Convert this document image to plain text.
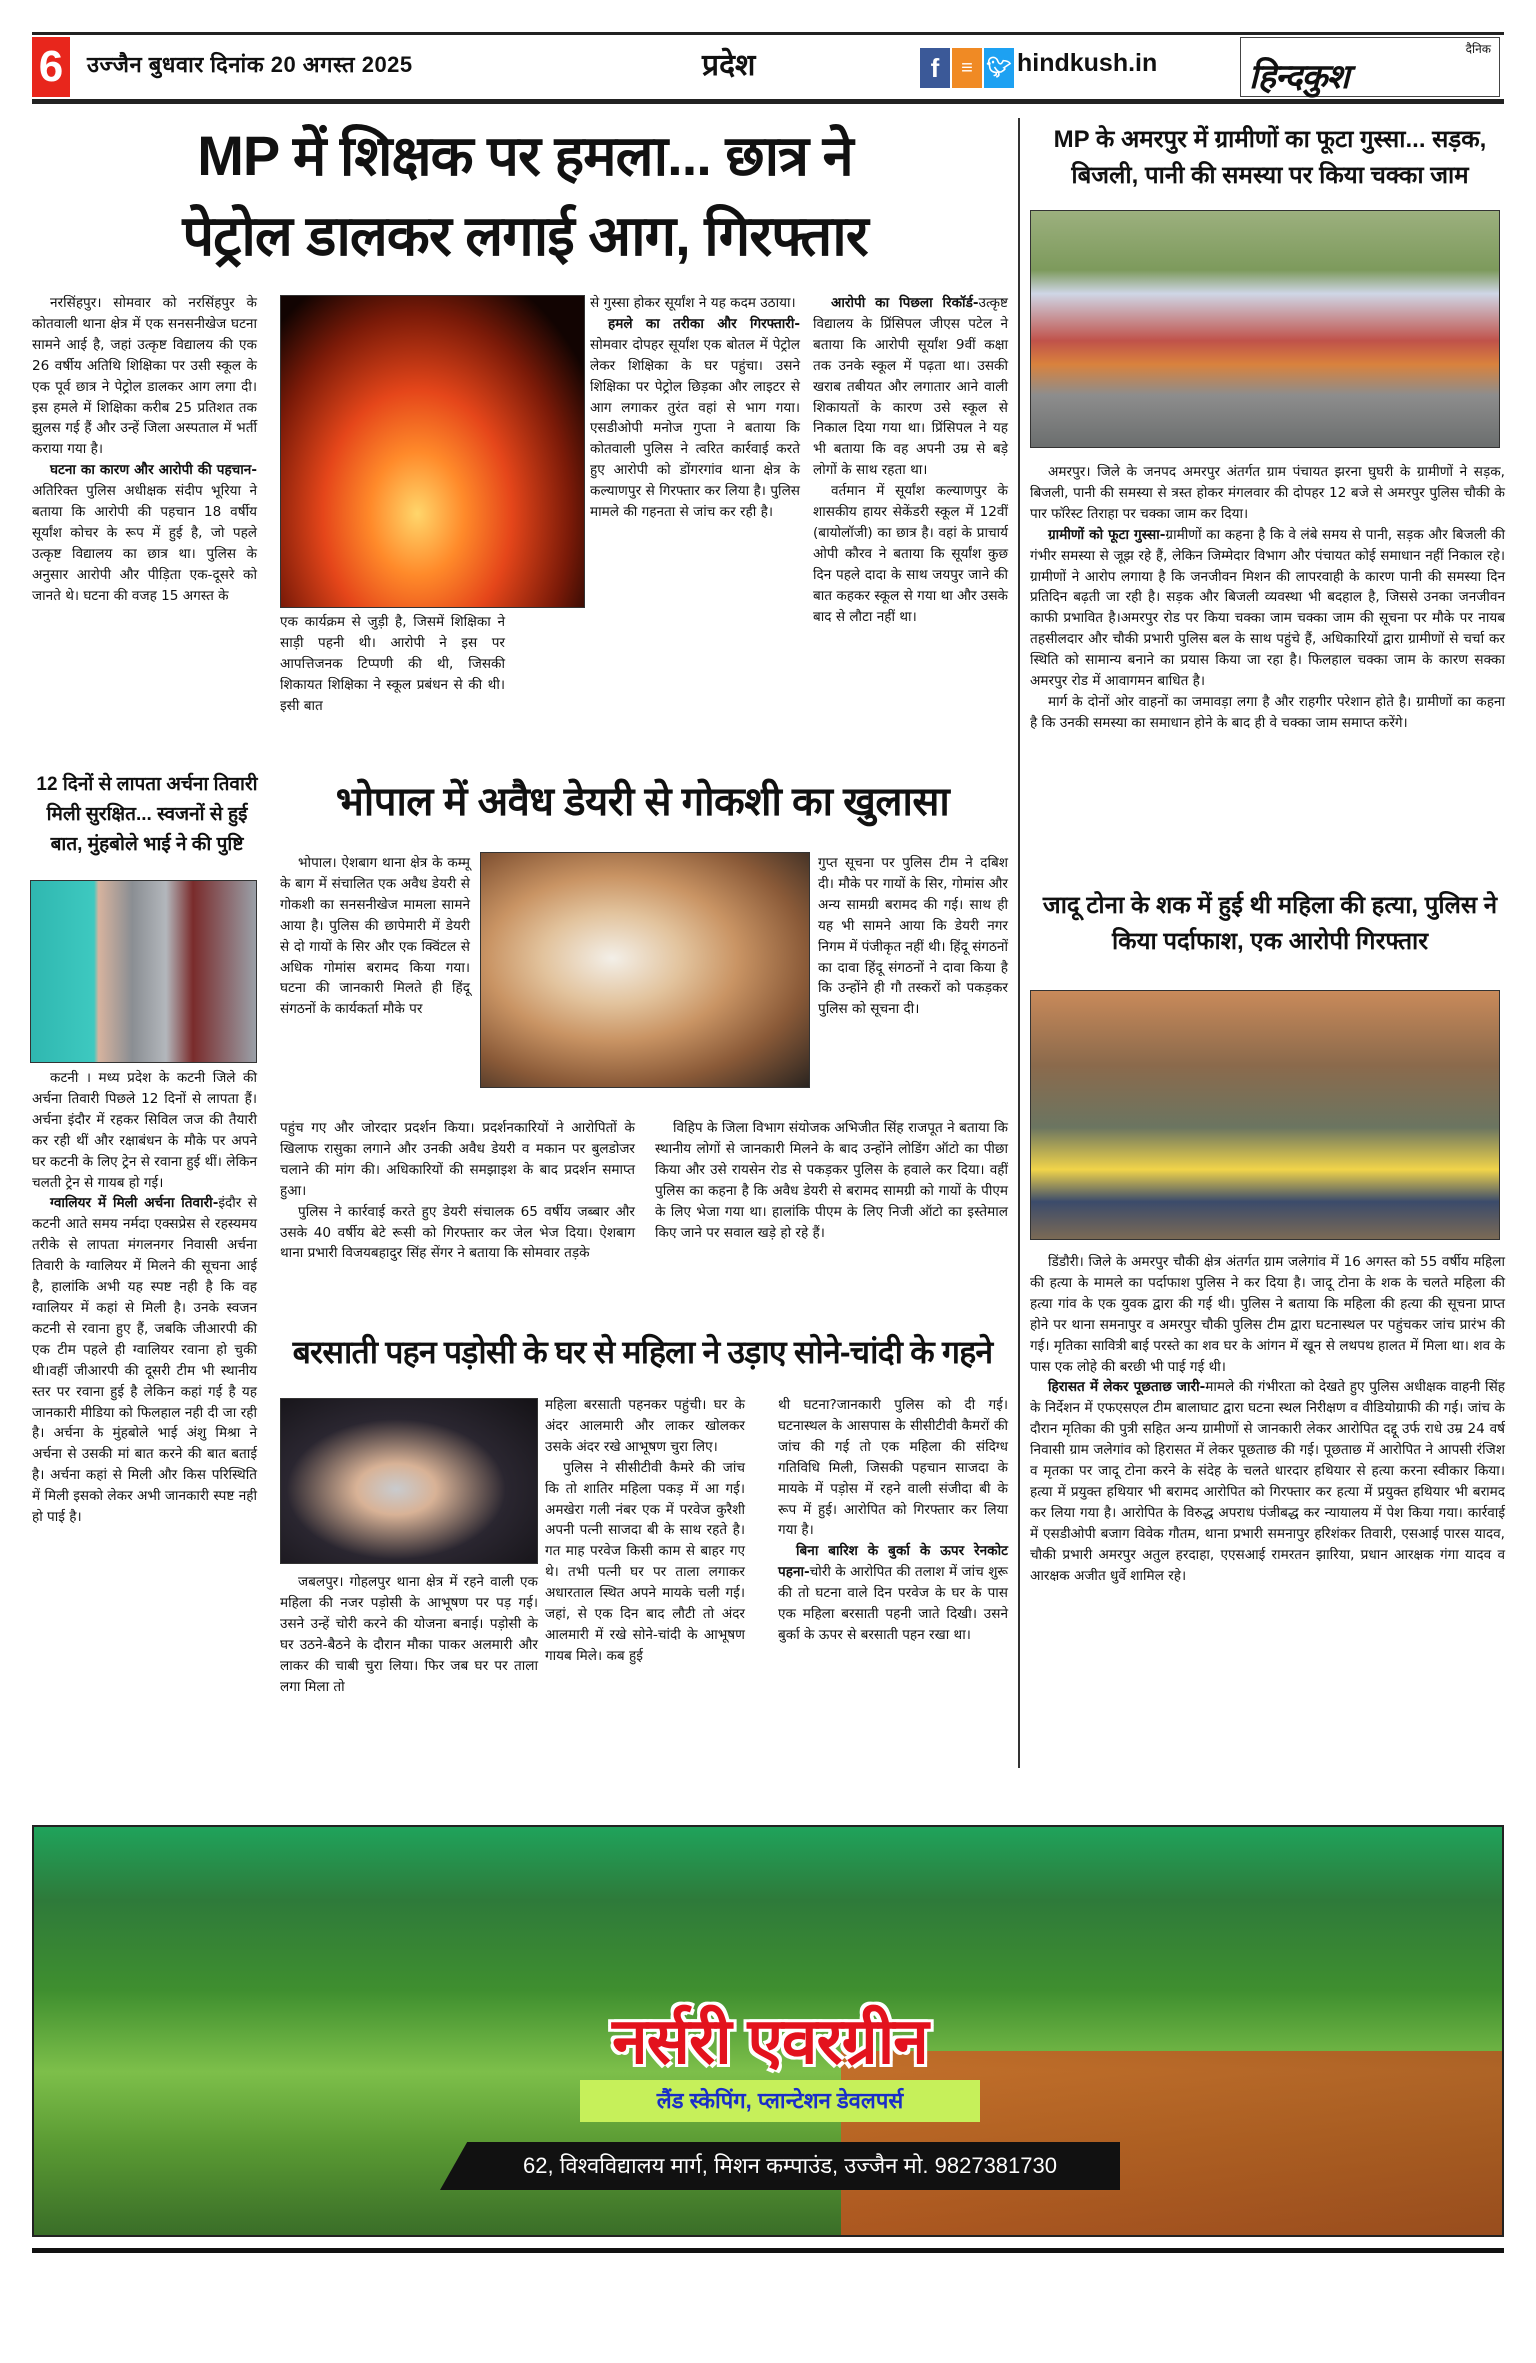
6	उज्जैन बुधवार दिनांक 20 अगस्त 2025	प्रदेश	f	≡ 🐦︎ hindkush.in	दैनिक
हिन्दकुश
MP में शिक्षक पर हमला... छात्र ने
पेट्रोल डालकर लगाई आग, गिरफ्तार

नरसिंहपुर। सोमवार को नरसिंहपुर के कोतवाली थाना क्षेत्र में एक सनसनीखेज घटना सामने आई है, जहां उत्कृष्ट विद्यालय की एक 26 वर्षीय अतिथि शिक्षिका पर उसी स्कूल के एक पूर्व छात्र ने पेट्रोल डालकर आग लगा दी। इस हमले में शिक्षिका करीब 25 प्रतिशत तक झुलस गई हैं और उन्हें जिला अस्पताल में भर्ती कराया गया है।

घटना का कारण और आरोपी की पहचान-अतिरिक्त पुलिस अधीक्षक संदीप भूरिया ने बताया कि आरोपी की पहचान 18 वर्षीय सूर्यांश कोचर के रूप में हुई है, जो पहले उत्कृष्ट विद्यालय का छात्र था। पुलिस के अनुसार आरोपी और पीड़िता एक-दूसरे को जानते थे। घटना की वजह 15 अगस्त के

एक कार्यक्रम से जुड़ी है, जिसमें शिक्षिका ने साड़ी पहनी थी। आरोपी ने इस पर आपत्तिजनक टिप्पणी की थी, जिसकी शिकायत शिक्षिका ने स्कूल प्रबंधन से की थी। इसी बात

से गुस्सा होकर सूर्यांश ने यह कदम उठाया।

हमले का तरीका और गिरफ्तारी-सोमवार दोपहर सूर्यांश एक बोतल में पेट्रोल लेकर शिक्षिका के घर पहुंचा। उसने शिक्षिका पर पेट्रोल छिड़का और लाइटर से आग लगाकर तुरंत वहां से भाग गया। एसडीओपी मनोज गुप्ता ने बताया कि कोतवाली पुलिस ने त्वरित कार्रवाई करते हुए आरोपी को डोंगरगांव थाना क्षेत्र के कल्याणपुर से गिरफ्तार कर लिया है। पुलिस मामले की गहनता से जांच कर रही है।

आरोपी का पिछला रिकॉर्ड-उत्कृष्ट विद्यालय के प्रिंसिपल जीएस पटेल ने बताया कि आरोपी सूर्यांश 9वीं कक्षा तक उनके स्कूल में पढ़ता था। उसकी खराब तबीयत और लगातार आने वाली शिकायतों के कारण उसे स्कूल से निकाल दिया गया था। प्रिंसिपल ने यह भी बताया कि वह अपनी उम्र से बड़े लोगों के साथ रहता था।

वर्तमान में सूर्यांश कल्याणपुर के शासकीय हायर सेकेंडरी स्कूल में 12वीं (बायोलॉजी) का छात्र है। वहां के प्राचार्य ओपी कौरव ने बताया कि सूर्यांश कुछ दिन पहले दादा के साथ जयपुर जाने की बात कहकर स्कूल से गया था और उसके बाद से लौटा नहीं था।

MP के अमरपुर में ग्रामीणों का फूटा गुस्सा... सड़क, बिजली, पानी की समस्या पर किया चक्का जाम

अमरपुर। जिले के जनपद अमरपुर अंतर्गत ग्राम पंचायत झरना घुघरी के ग्रामीणों ने सड़क, बिजली, पानी की समस्या से त्रस्त होकर मंगलवार की दोपहर 12 बजे से अमरपुर पुलिस चौकी के पार फॉरेस्ट तिराहा पर चक्का जाम कर दिया।

ग्रामीणों को फूटा गुस्सा-ग्रामीणों का कहना है कि वे लंबे समय से पानी, सड़क और बिजली की गंभीर समस्या से जूझ रहे हैं, लेकिन जिम्मेदार विभाग और पंचायत कोई समाधान नहीं निकाल रहे। ग्रामीणों ने आरोप लगाया है कि जनजीवन मिशन की लापरवाही के कारण पानी की समस्या दिन प्रतिदिन बढ़ती जा रही है। सड़क और बिजली व्यवस्था भी बदहाल है, जिससे उनका जनजीवन काफी प्रभावित है।अमरपुर रोड पर किया चक्का जाम चक्का जाम की सूचना पर मौके पर नायब तहसीलदार और चौकी प्रभारी पुलिस बल के साथ पहुंचे हैं, अधिकारियों द्वारा ग्रामीणों से चर्चा कर स्थिति को सामान्य बनाने का प्रयास किया जा रहा है। फिलहाल चक्का जाम के कारण सक्का अमरपुर रोड में आवागमन बाधित है।

मार्ग के दोनों ओर वाहनों का जमावड़ा लगा है और राहगीर परेशान होते है। ग्रामीणों का कहना है कि उनकी समस्या का समाधान होने के बाद ही वे चक्का जाम समाप्त करेंगे।

12 दिनों से लापता अर्चना तिवारी मिली सुरक्षित... स्वजनों से हुई बात, मुंहबोले भाई ने की पुष्टि

कटनी । मध्य प्रदेश के कटनी जिले की अर्चना तिवारी पिछले 12 दिनों से लापता हैं। अर्चना इंदौर में रहकर सिविल जज की तैयारी कर रही थीं और रक्षाबंधन के मौके पर अपने घर कटनी के लिए ट्रेन से रवाना हुई थीं। लेकिन चलती ट्रेन से गायब हो गई।

ग्वालियर में मिली अर्चना तिवारी-इंदौर से कटनी आते समय नर्मदा एक्सप्रेस से रहस्यमय तरीके से लापता मंगलनगर निवासी अर्चना तिवारी के ग्वालियर में मिलने की सूचना आई है, हालांकि अभी यह स्पष्ट नही है कि वह ग्वालियर में कहां से मिली है। उनके स्वजन कटनी से रवाना हुए हैं, जबकि जीआरपी की एक टीम पहले ही ग्वालियर रवाना हो चुकी थी।वहीं जीआरपी की दूसरी टीम भी स्थानीय स्तर पर रवाना हुई है लेकिन कहां गई है यह जानकारी मीडिया को फिलहाल नही दी जा रही है। अर्चना के मुंहबोले भाई अंशु मिश्रा ने अर्चना से उसकी मां बात करने की बात बताई है। अर्चना कहां से मिली और किस परिस्थिति में मिली इसको लेकर अभी जानकारी स्पष्ट नही हो पाई है।

भोपाल में अवैध डेयरी से गोकशी का खुलासा

भोपाल। ऐशबाग थाना क्षेत्र के कम्मू के बाग में संचालित एक अवैध डेयरी से गोकशी का सनसनीखेज मामला सामने आया है। पुलिस की छापेमारी में डेयरी से दो गायों के सिर और एक क्विंटल से अधिक गोमांस बरामद किया गया। घटना की जानकारी मिलते ही हिंदू संगठनों के कार्यकर्ता मौके पर

गुप्त सूचना पर पुलिस टीम ने दबिश दी। मौके पर गायों के सिर, गोमांस और अन्य सामग्री बरामद की गई। साथ ही यह भी सामने आया कि डेयरी नगर निगम में पंजीकृत नहीं थी। हिंदू संगठनों का दावा हिंदू संगठनों ने दावा किया है कि उन्होंने ही गौ तस्करों को पकड़कर पुलिस को सूचना दी।

पहुंच गए और जोरदार प्रदर्शन किया। प्रदर्शनकारियों ने आरोपितों के खिलाफ रासुका लगाने और उनकी अवैध डेयरी व मकान पर बुलडोजर चलाने की मांग की। अधिकारियों की समझाइश के बाद प्रदर्शन समाप्त हुआ।

पुलिस ने कार्रवाई करते हुए डेयरी संचालक 65 वर्षीय जब्बार और उसके 40 वर्षीय बेटे रूसी को गिरफ्तार कर जेल भेज दिया। ऐशबाग थाना प्रभारी विजयबहादुर सिंह सेंगर ने बताया कि सोमवार तड़के

विहिप के जिला विभाग संयोजक अभिजीत सिंह राजपूत ने बताया कि स्थानीय लोगों से जानकारी मिलने के बाद उन्होंने लोडिंग ऑटो का पीछा किया और उसे रायसेन रोड से पकड़कर पुलिस के हवाले कर दिया। वहीं पुलिस का कहना है कि अवैध डेयरी से बरामद सामग्री को गायों के पीएम के लिए भेजा गया था। हालांकि पीएम के लिए निजी ऑटो का इस्तेमाल किए जाने पर सवाल खड़े हो रहे हैं।

जादू टोना के शक में हुई थी महिला की हत्या, पुलिस ने किया पर्दाफाश, एक आरोपी गिरफ्तार

डिंडौरी। जिले के अमरपुर चौकी क्षेत्र अंतर्गत ग्राम जलेगांव में 16 अगस्त को 55 वर्षीय महिला की हत्या के मामले का पर्दाफाश पुलिस ने कर दिया है। जादू टोना के शक के चलते महिला की हत्या गांव के एक युवक द्वारा की गई थी। पुलिस ने बताया कि महिला की हत्या की सूचना प्राप्त होने पर थाना समनापुर व अमरपुर चौकी पुलिस टीम द्वारा घटनास्थल पर पहुंचकर जांच प्रारंभ की गई। मृतिका सावित्री बाई परस्ते का शव घर के आंगन में खून से लथपथ हालत में मिला था। शव के पास एक लोहे की बरछी भी पाई गई थी।

हिरासत में लेकर पूछताछ जारी-मामले की गंभीरता को देखते हुए पुलिस अधीक्षक वाहनी सिंह के निर्देशन में एफएसएल टीम बालाघाट द्वारा घटना स्थल निरीक्षण व वीडियोग्राफी की गई। जांच के दौरान मृतिका की पुत्री सहित अन्य ग्रामीणों से जानकारी लेकर आरोपित दद्दू उर्फ राधे उम्र 24 वर्ष निवासी ग्राम जलेगांव को हिरासत में लेकर पूछताछ की गई। पूछताछ में आरोपित ने आपसी रंजिश व मृतका पर जादू टोना करने के संदेह के चलते धारदार हथियार से हत्या करना स्वीकार किया। हत्या में प्रयुक्त हथियार भी बरामद आरोपित को गिरफ्तार कर हत्या में प्रयुक्त हथियार भी बरामद कर लिया गया है। आरोपित के विरुद्ध अपराध पंजीबद्ध कर न्यायालय में पेश किया गया। कार्रवाई में एसडीओपी बजाग विवेक गौतम, थाना प्रभारी समनापुर हरिशंकर तिवारी, एसआई पारस यादव, चौकी प्रभारी अमरपुर अतुल हरदाहा, एएसआई रामरतन झारिया, प्रधान आरक्षक गंगा यादव व आरक्षक अजीत धुर्वे शामिल रहे।

बरसाती पहन पड़ोसी के घर से महिला ने उड़ाए सोने-चांदी के गहने

जबलपुर। गोहलपुर थाना क्षेत्र में रहने वाली एक महिला की नजर पड़ोसी के आभूषण पर पड़ गई। उसने उन्हें चोरी करने की योजना बनाई। पड़ोसी के घर उठने-बैठने के दौरान मौका पाकर अलमारी और लाकर की चाबी चुरा लिया। फिर जब घर पर ताला लगा मिला तो

महिला बरसाती पहनकर पहुंची। घर के अंदर आलमारी और लाकर खोलकर उसके अंदर रखे आभूषण चुरा लिए।

पुलिस ने सीसीटीवी कैमरे की जांच कि तो शातिर महिला पकड़ में आ गई। अमखेरा गली नंबर एक में परवेज कुरैशी अपनी पत्नी साजदा बी के साथ रहते है। गत माह परवेज किसी काम से बाहर गए थे। तभी पत्नी घर पर ताला लगाकर अधारताल स्थित अपने मायके चली गई। जहां, से एक दिन बाद लौटी तो अंदर आलमारी में रखे सोने-चांदी के आभूषण गायब मिले। कब हुई

थी घटना?जानकारी पुलिस को दी गई। घटनास्थल के आसपास के सीसीटीवी कैमरों की जांच की गई तो एक महिला की संदिग्ध गतिविधि मिली, जिसकी पहचान साजदा के मायके में पड़ोस में रहने वाली संजीदा बी के रूप में हुई। आरोपित को गिरफ्तार कर लिया गया है।

बिना बारिश के बुर्का के ऊपर रेनकोट पहना-चोरी के आरोपित की तलाश में जांच शुरू की तो घटना वाले दिन परवेज के घर के पास एक महिला बरसाती पहनी जाते दिखी। उसने बुर्का के ऊपर से बरसाती पहन रखा था।

नर्सरी एवरग्रीन
लैंड स्केपिंग, प्लान्टेशन डेवलपर्स
62, विश्वविद्यालय मार्ग, मिशन कम्पाउंड, उज्जैन मो. 9827381730
